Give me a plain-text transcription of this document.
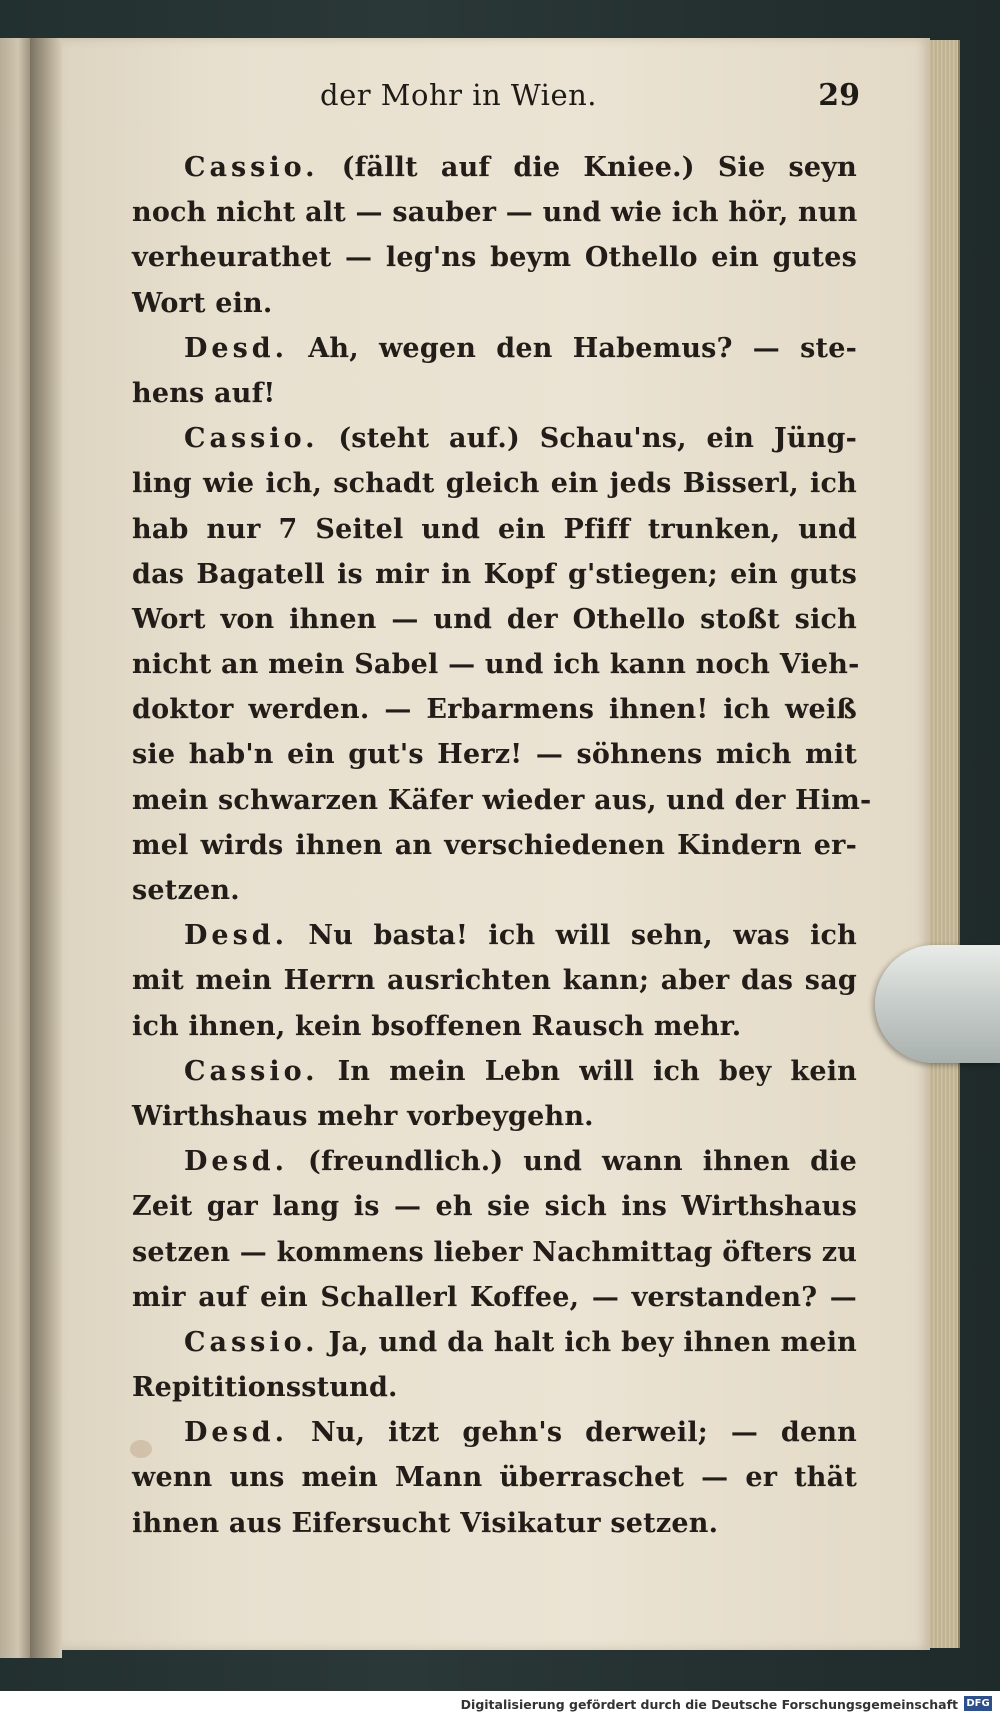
der Mohr in Wien.	29
Cassio. (fällt auf die Kniee.) Sie seyn
noch nicht alt — sauber — und wie ich hör, nun
verheurathet — leg'ns beym Othello ein gutes
Wort ein.
Desd. Ah, wegen den Habemus? — ste-
hens auf!
Cassio. (steht auf.) Schau'ns, ein Jüng-
ling wie ich, schadt gleich ein jeds Bisserl, ich
hab nur 7 Seitel und ein Pfiff trunken, und
das Bagatell is mir in Kopf g'stiegen; ein guts
Wort von ihnen — und der Othello stoßt sich
nicht an mein Sabel — und ich kann noch Vieh-
doktor werden. — Erbarmens ihnen! ich weiß
sie hab'n ein gut's Herz! — söhnens mich mit
mein schwarzen Käfer wieder aus, und der Him-
mel wirds ihnen an verschiedenen Kindern er-
setzen.
Desd. Nu basta! ich will sehn, was ich
mit mein Herrn ausrichten kann; aber das sag
ich ihnen, kein bsoffenen Rausch mehr.
Cassio. In mein Lebn will ich bey kein
Wirthshaus mehr vorbeygehn.
Desd. (freundlich.) und wann ihnen die
Zeit gar lang is — eh sie sich ins Wirthshaus
setzen — kommens lieber Nachmittag öfters zu
mir auf ein Schallerl Koffee, — verstanden? —
Cassio. Ja, und da halt ich bey ihnen mein
Repititionsstund.
Desd. Nu, itzt gehn's derweil; — denn
wenn uns mein Mann überraschet — er thät
ihnen aus Eifersucht Visikatur setzen.
Digitalisierung gefördert durch die Deutsche Forschungsgemeinschaft DFG
